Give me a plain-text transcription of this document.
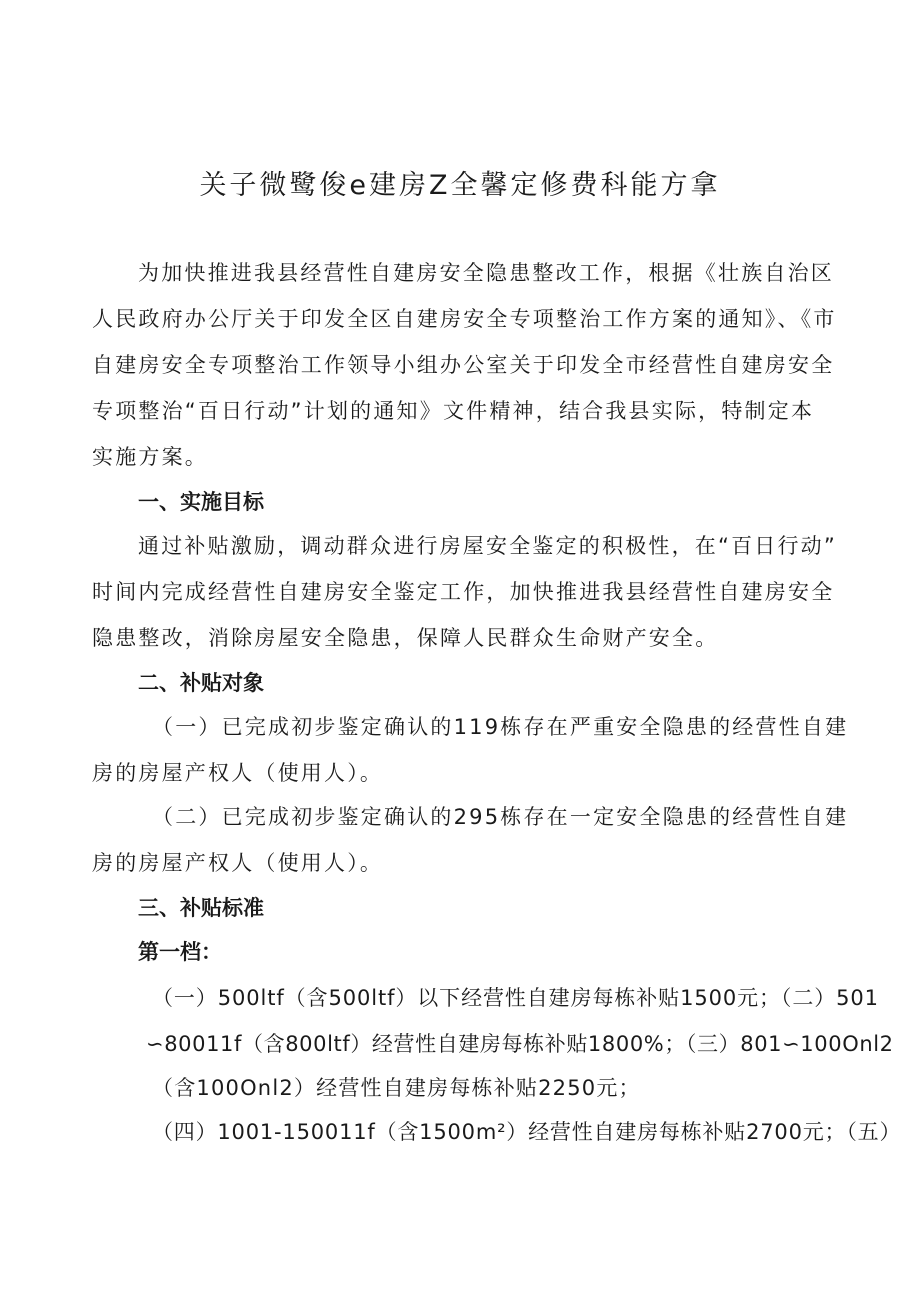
关子微鹭俊e建房Z全馨定修费科能方拿
为加快推进我县经营性自建房安全隐患整改工作，根据《壮族自治区
人民政府办公厅关于印发全区自建房安全专项整治工作方案的通知》、《市
自建房安全专项整治工作领导小组办公室关于印发全市经营性自建房安全
专项整治“百日行动”计划的通知》文件精神，结合我县实际，特制定本
实施方案。
一、实施目标
通过补贴激励，调动群众进行房屋安全鉴定的积极性，在“百日行动”
时间内完成经营性自建房安全鉴定工作，加快推进我县经营性自建房安全
隐患整改，消除房屋安全隐患，保障人民群众生命财产安全。
二、补贴对象
（一）已完成初步鉴定确认的119栋存在严重安全隐患的经营性自建
房的房屋产权人（使用人）。
（二）已完成初步鉴定确认的295栋存在一定安全隐患的经营性自建
房的房屋产权人（使用人）。
三、补贴标准
第一档：
（一）500ltf（含500ltf）以下经营性自建房每栋补贴1500元；（二）501
∽80011f（含800ltf）经营性自建房每栋补贴1800%；（三）801∽100Onl2
（含100Onl2）经营性自建房每栋补贴2250元；
（四）1001-150011f（含1500m²）经营性自建房每栋补贴2700元；（五）
